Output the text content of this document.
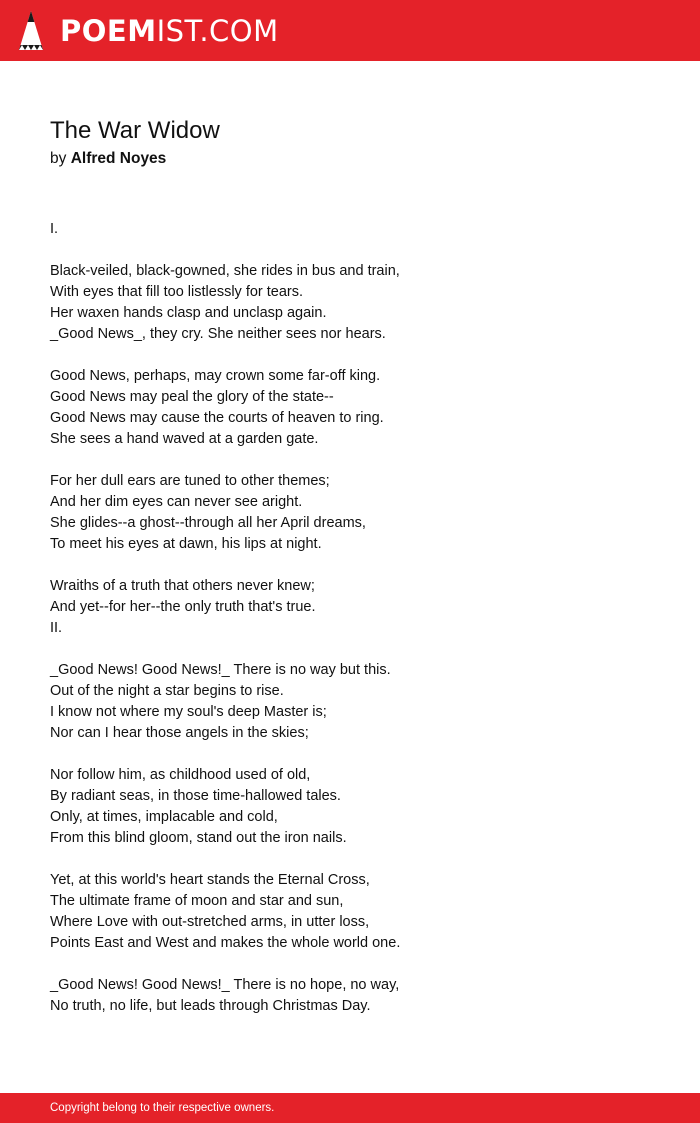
POEMIST.COM
The War Widow
by Alfred Noyes
I.
Black-veiled, black-gowned, she rides in bus and train,
With eyes that fill too listlessly for tears.
Her waxen hands clasp and unclasp again.
_Good News_, they cry. She neither sees nor hears.
Good News, perhaps, may crown some far-off king.
Good News may peal the glory of the state--
Good News may cause the courts of heaven to ring.
She sees a hand waved at a garden gate.
For her dull ears are tuned to other themes;
And her dim eyes can never see aright.
She glides--a ghost--through all her April dreams,
To meet his eyes at dawn, his lips at night.
Wraiths of a truth that others never knew;
And yet--for her--the only truth that's true.
II.
_Good News! Good News!_ There is no way but this.
Out of the night a star begins to rise.
I know not where my soul's deep Master is;
Nor can I hear those angels in the skies;
Nor follow him, as childhood used of old,
By radiant seas, in those time-hallowed tales.
Only, at times, implacable and cold,
From this blind gloom, stand out the iron nails.
Yet, at this world's heart stands the Eternal Cross,
The ultimate frame of moon and star and sun,
Where Love with out-stretched arms, in utter loss,
Points East and West and makes the whole world one.
_Good News! Good News!_ There is no hope, no way,
No truth, no life, but leads through Christmas Day.
Copyright belong to their respective owners.
